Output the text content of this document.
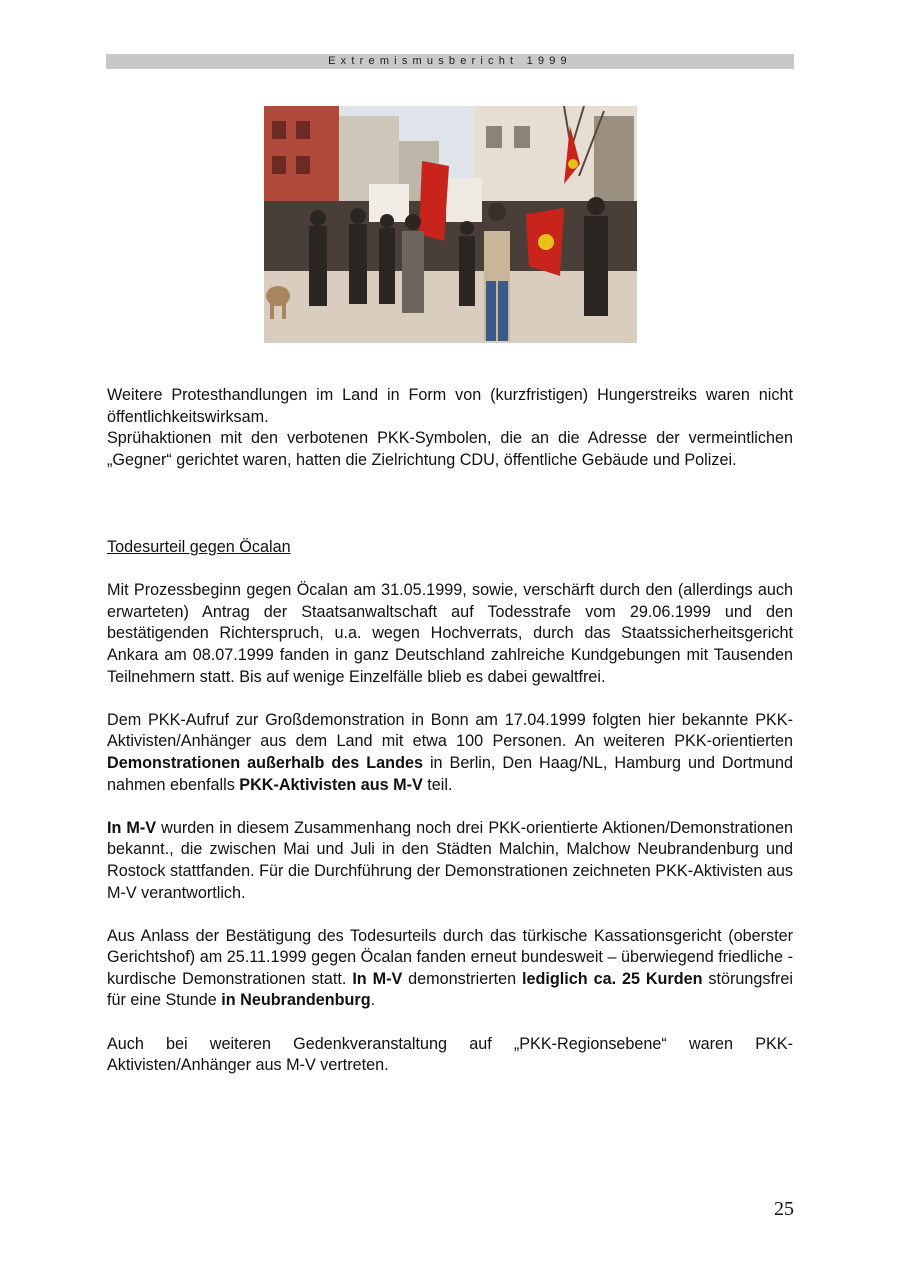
Extremismusbericht 1999

Weitere Protesthandlungen im Land in Form von (kurzfristigen) Hungerstreiks waren nicht öffentlichkeitswirksam.

Sprühaktionen mit den verbotenen PKK-Symbolen, die an die Adresse der vermeintlichen „Gegner“ gerichtet waren, hatten die Zielrichtung CDU, öffentliche Gebäude und Polizei.

Todesurteil gegen Öcalan

Mit Prozessbeginn gegen Öcalan am 31.05.1999, sowie, verschärft durch den (allerdings auch erwarteten) Antrag der Staatsanwaltschaft auf Todesstrafe vom 29.06.1999 und den bestätigenden Richterspruch, u.a. wegen Hochverrats, durch das Staatssicherheitsgericht Ankara am 08.07.1999 fanden in ganz Deutschland zahlreiche Kundgebungen mit Tausenden Teilnehmern statt. Bis auf wenige Einzelfälle blieb es dabei gewaltfrei.

Dem PKK-Aufruf zur Großdemonstration in Bonn am 17.04.1999 folgten hier bekannte PKK-Aktivisten/Anhänger aus dem Land mit etwa 100 Personen. An weiteren PKK-orientierten Demonstrationen außerhalb des Landes in Berlin, Den Haag/NL, Hamburg und Dortmund nahmen ebenfalls PKK-Aktivisten aus M-V teil.

In M-V wurden in diesem Zusammenhang noch drei PKK-orientierte Aktionen/Demonstrationen bekannt., die zwischen Mai und Juli in den Städten Malchin, Malchow Neubrandenburg und Rostock stattfanden. Für die Durchführung der Demonstrationen zeichneten PKK-Aktivisten aus M-V verantwortlich.

Aus Anlass der Bestätigung des Todesurteils durch das türkische Kassationsgericht (oberster Gerichtshof) am 25.11.1999 gegen Öcalan fanden erneut bundesweit – überwiegend friedliche - kurdische Demonstrationen statt. In M-V demonstrierten lediglich ca. 25 Kurden störungsfrei für eine Stunde in Neubrandenburg.

Auch bei weiteren Gedenkveranstaltung auf „PKK-Regionsebene“ waren PKK-Aktivisten/Anhänger aus M-V vertreten.

25
